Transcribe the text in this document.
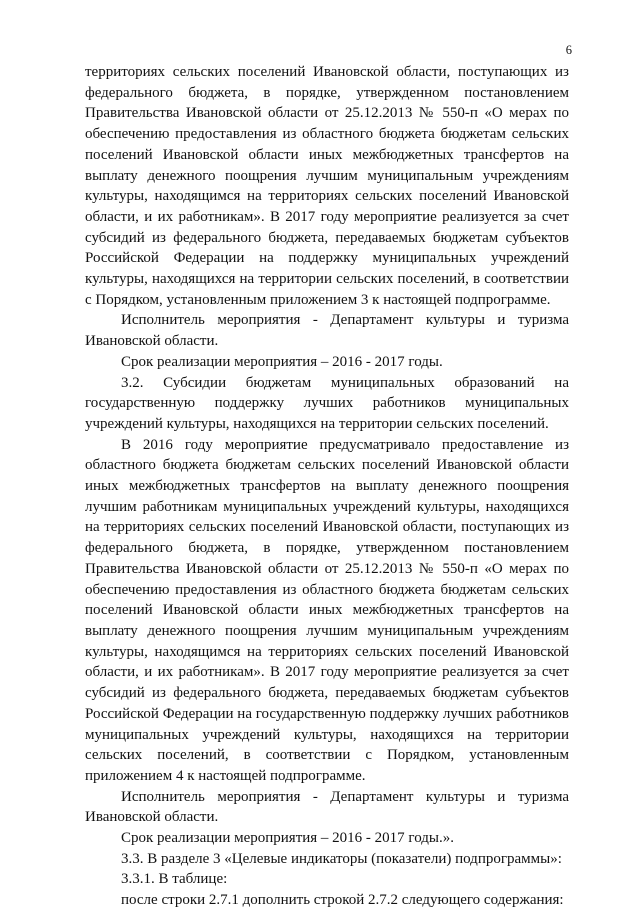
6

территориях сельских поселений Ивановской области, поступающих из федерального бюджета, в порядке, утвержденном постановлением Правительства Ивановской области от 25.12.2013 № 550-п «О мерах по обеспечению предоставления из областного бюджета бюджетам сельских поселений Ивановской области иных межбюджетных трансфертов на выплату денежного поощрения лучшим муниципальным учреждениям культуры, находящимся на территориях сельских поселений Ивановской области, и их работникам». В 2017 году мероприятие реализуется за счет субсидий из федерального бюджета, передаваемых бюджетам субъектов Российской Федерации на поддержку муниципальных учреждений культуры, находящихся на территории сельских поселений, в соответствии с Порядком, установленным приложением 3 к настоящей подпрограмме.

Исполнитель мероприятия - Департамент культуры и туризма Ивановской области.

Срок реализации мероприятия – 2016 - 2017 годы.

3.2. Субсидии бюджетам муниципальных образований на государственную поддержку лучших работников муниципальных учреждений культуры, находящихся на территории сельских поселений.

В 2016 году мероприятие предусматривало предоставление из областного бюджета бюджетам сельских поселений Ивановской области иных межбюджетных трансфертов на выплату денежного поощрения лучшим работникам муниципальных учреждений культуры, находящихся на территориях сельских поселений Ивановской области, поступающих из федерального бюджета, в порядке, утвержденном постановлением Правительства Ивановской области от 25.12.2013 № 550-п «О мерах по обеспечению предоставления из областного бюджета бюджетам сельских поселений Ивановской области иных межбюджетных трансфертов на выплату денежного поощрения лучшим муниципальным учреждениям культуры, находящимся на территориях сельских поселений Ивановской области, и их работникам». В 2017 году мероприятие реализуется за счет субсидий из федерального бюджета, передаваемых бюджетам субъектов Российской Федерации на государственную поддержку лучших работников муниципальных учреждений культуры, находящихся на территории сельских поселений, в соответствии с Порядком, установленным приложением 4 к настоящей подпрограмме.

Исполнитель мероприятия - Департамент культуры и туризма Ивановской области.

Срок реализации мероприятия – 2016 - 2017 годы.».

3.3. В разделе 3 «Целевые индикаторы (показатели) подпрограммы»:

3.3.1. В таблице:

после строки 2.7.1 дополнить строкой 2.7.2 следующего содержания:
